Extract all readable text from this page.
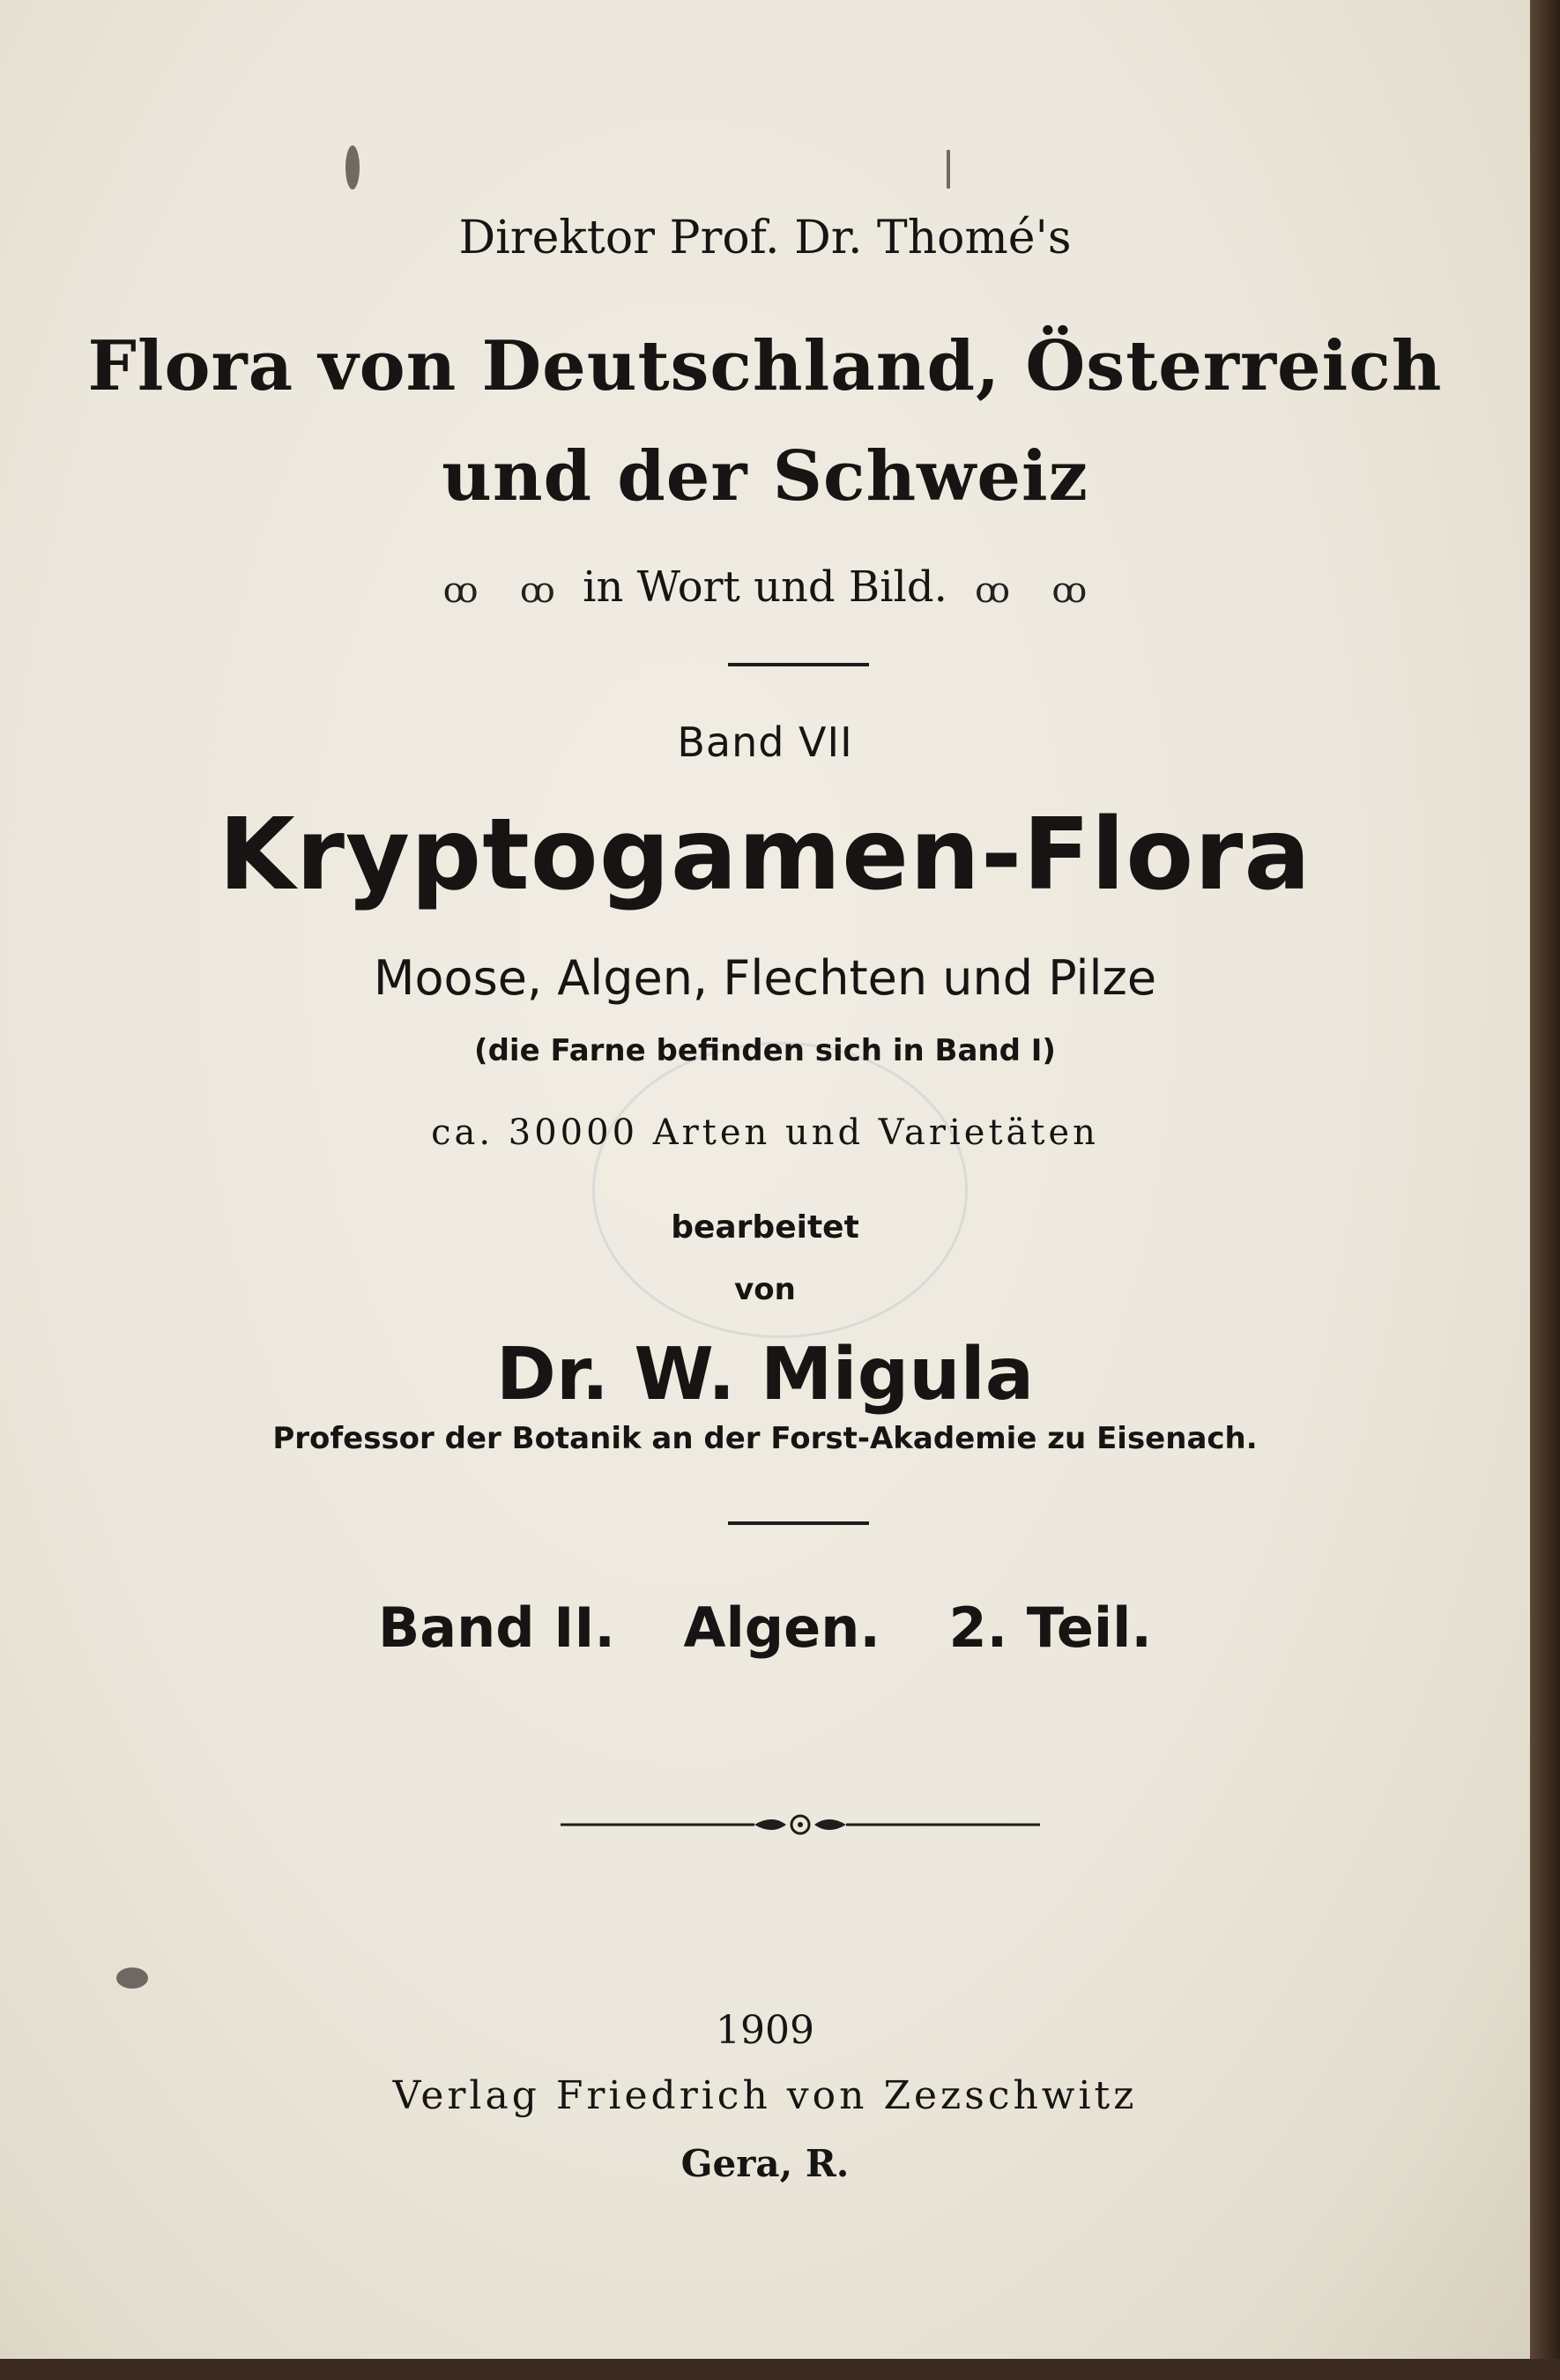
Direktor Prof. Dr. Thomé's
Flora von Deutschland, Österreich
und der Schweiz
ꝏ ꝏ in Wort und Bild. ꝏ ꝏ
Band VII
Kryptogamen-Flora
Moose, Algen, Flechten und Pilze
(die Farne befinden sich in Band I)
ca. 30000 Arten und Varietäten
bearbeitet
von
Dr. W. Migula
Professor der Botanik an der Forst-Akademie zu Eisenach.
Band II. Algen. 2. Teil.
1909
Verlag Friedrich von Zezschwitz
Gera, R.
